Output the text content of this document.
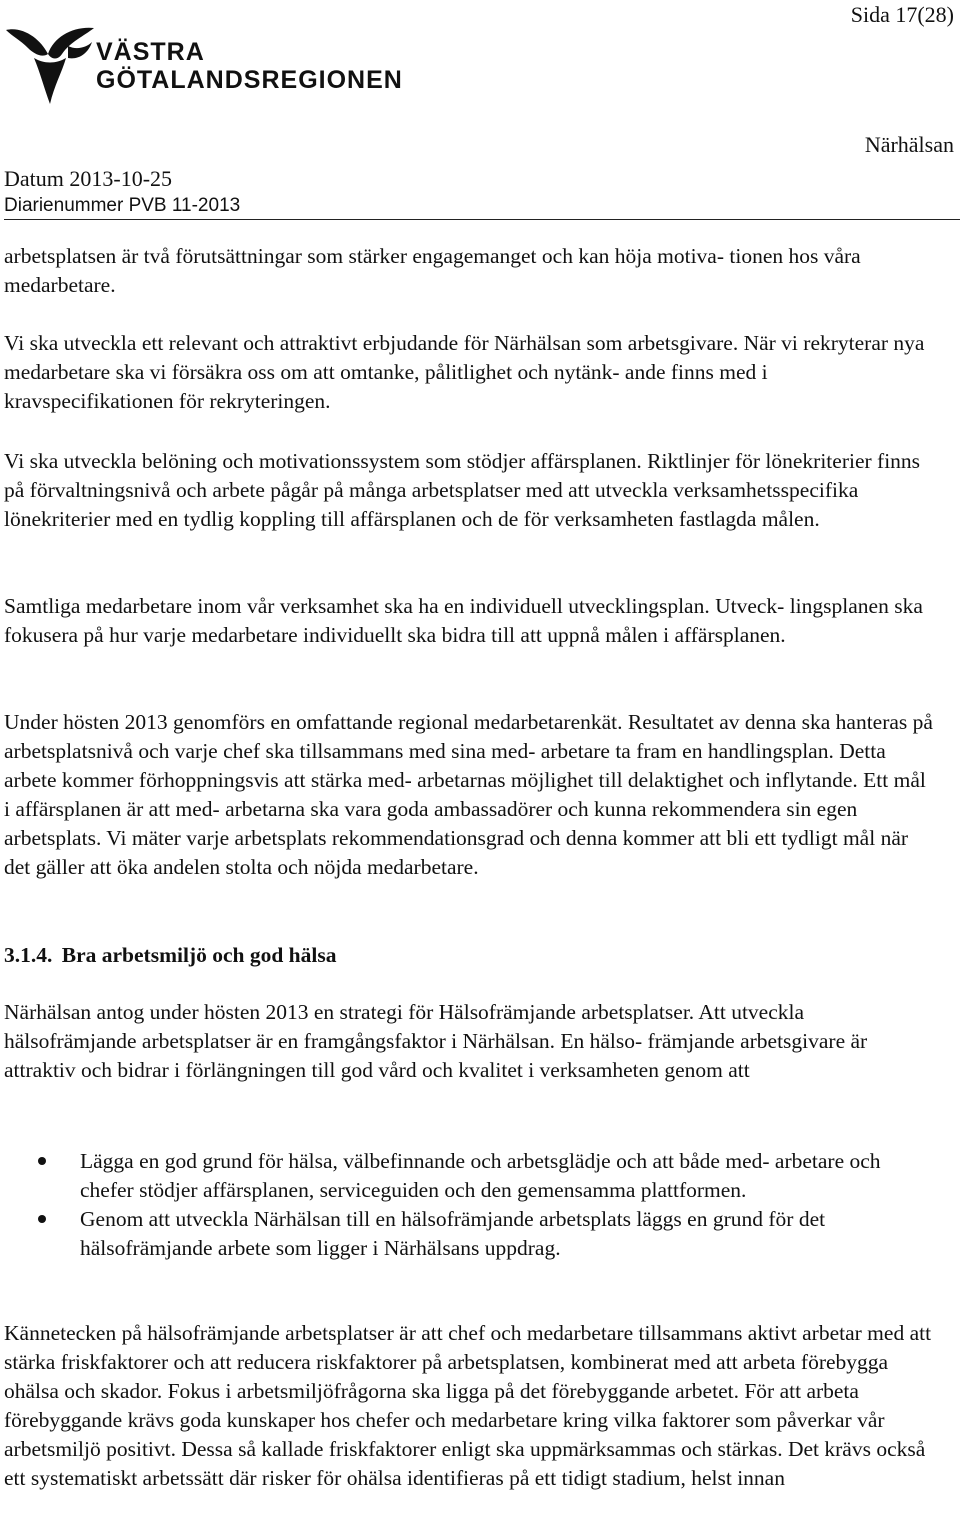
Sida 17(28)
VÄSTRA
GÖTALANDSREGIONEN
Närhälsan
Datum 2013-10-25
Diarienummer PVB 11-2013

arbetsplatsen är två förutsättningar som stärker engagemanget och kan höja motiva- tionen hos våra medarbetare.

Vi ska utveckla ett relevant och attraktivt erbjudande för Närhälsan som arbetsgivare. När vi rekryterar nya medarbetare ska vi försäkra oss om att omtanke, pålitlighet och nytänk- ande finns med i kravspecifikationen för rekryteringen.

Vi ska utveckla belöning och motivationssystem som stödjer affärsplanen. Riktlinjer för lönekriterier finns på förvaltningsnivå och arbete pågår på många arbetsplatser med att utveckla verksamhetsspecifika lönekriterier med en tydlig koppling till affärsplanen och de för verksamheten fastlagda målen.

Samtliga medarbetare inom vår verksamhet ska ha en individuell utvecklingsplan. Utveck- lingsplanen ska fokusera på hur varje medarbetare individuellt ska bidra till att uppnå målen i affärsplanen.

Under hösten 2013 genomförs en omfattande regional medarbetarenkät. Resultatet av denna ska hanteras på arbetsplatsnivå och varje chef ska tillsammans med sina med- arbetare ta fram en handlingsplan. Detta arbete kommer förhoppningsvis att stärka med- arbetarnas möjlighet till delaktighet och inflytande. Ett mål i affärsplanen är att med- arbetarna ska vara goda ambassadörer och kunna rekommendera sin egen arbetsplats. Vi mäter varje arbetsplats rekommendationsgrad och denna kommer att bli ett tydligt mål när det gäller att öka andelen stolta och nöjda medarbetare.

3.1.4. Bra arbetsmiljö och god hälsa

Närhälsan antog under hösten 2013 en strategi för Hälsofrämjande arbetsplatser. Att utveckla hälsofrämjande arbetsplatser är en framgångsfaktor i Närhälsan. En hälso- främjande arbetsgivare är attraktiv och bidrar i förlängningen till god vård och kvalitet i verksamheten genom att

Lägga en god grund för hälsa, välbefinnande och arbetsglädje och att både med- arbetare och chefer stödjer affärsplanen, serviceguiden och den gemensamma plattformen.
Genom att utveckla Närhälsan till en hälsofrämjande arbetsplats läggs en grund för det hälsofrämjande arbete som ligger i Närhälsans uppdrag.

Kännetecken på hälsofrämjande arbetsplatser är att chef och medarbetare tillsammans aktivt arbetar med att stärka friskfaktorer och att reducera riskfaktorer på arbetsplatsen, kombinerat med att arbeta förebygga ohälsa och skador. Fokus i arbetsmiljöfrågorna ska ligga på det förebyggande arbetet. För att arbeta förebyggande krävs goda kunskaper hos chefer och medarbetare kring vilka faktorer som påverkar vår arbetsmiljö positivt. Dessa så kallade friskfaktorer enligt ska uppmärksammas och stärkas. Det krävs också ett systematiskt arbetssätt där risker för ohälsa identifieras på ett tidigt stadium, helst innan
